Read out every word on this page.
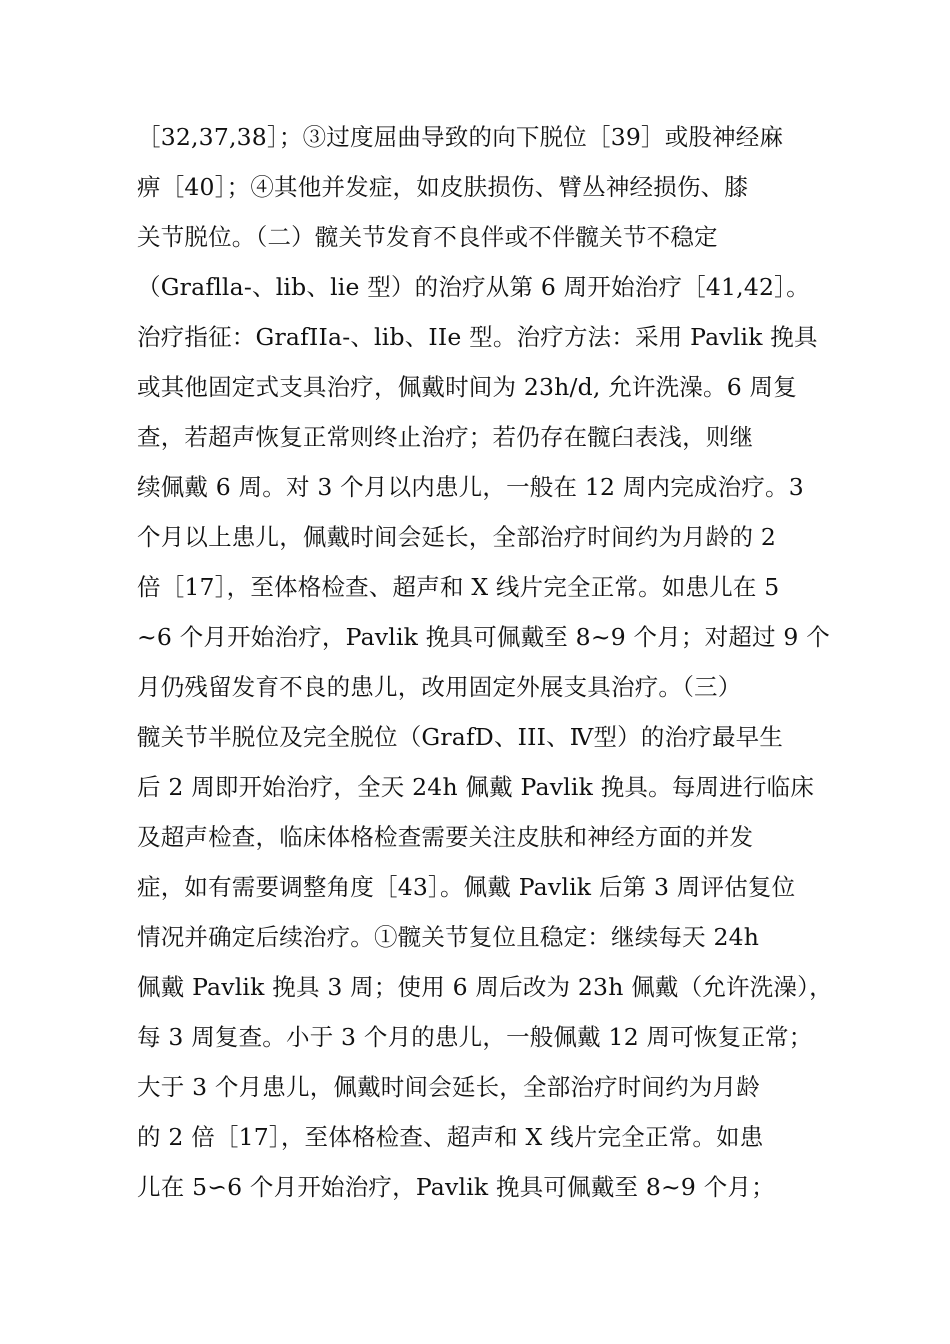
［32,37,38］；③过度屈曲导致的向下脱位［39］或股神经麻
痹［40］；④其他并发症，如皮肤损伤、臂丛神经损伤、膝
关节脱位。（二）髋关节发育不良伴或不伴髋关节不稳定
（Graflla-、lib、lie 型）的治疗从第 6 周开始治疗［41,42］。
治疗指征：GrafIIa-、lib、IIe 型。治疗方法：采用 Pavlik 挽具
或其他固定式支具治疗，佩戴时间为 23h/d, 允许洗澡。6 周复
查，若超声恢复正常则终止治疗；若仍存在髋臼表浅，则继
续佩戴 6 周。对 3 个月以内患儿，一般在 12 周内完成治疗。3
个月以上患儿，佩戴时间会延长，全部治疗时间约为月龄的 2
倍［17］，至体格检查、超声和 X 线片完全正常。如患儿在 5
~6 个月开始治疗，Pavlik 挽具可佩戴至 8~9 个月；对超过 9 个
月仍残留发育不良的患儿，改用固定外展支具治疗。（三）
髋关节半脱位及完全脱位（GrafD、III、Ⅳ型）的治疗最早生
后 2 周即开始治疗，全天 24h 佩戴 Pavlik 挽具。每周进行临床
及超声检查，临床体格检查需要关注皮肤和神经方面的并发
症，如有需要调整角度［43］。佩戴 Pavlik 后第 3 周评估复位
情况并确定后续治疗。①髋关节复位且稳定：继续每天 24h
佩戴 Pavlik 挽具 3 周；使用 6 周后改为 23h 佩戴（允许洗澡），
每 3 周复查。小于 3 个月的患儿，一般佩戴 12 周可恢复正常；
大于 3 个月患儿，佩戴时间会延长，全部治疗时间约为月龄
的 2 倍［17］，至体格检查、超声和 X 线片完全正常。如患
儿在 5∽6 个月开始治疗，Pavlik 挽具可佩戴至 8~9 个月；
